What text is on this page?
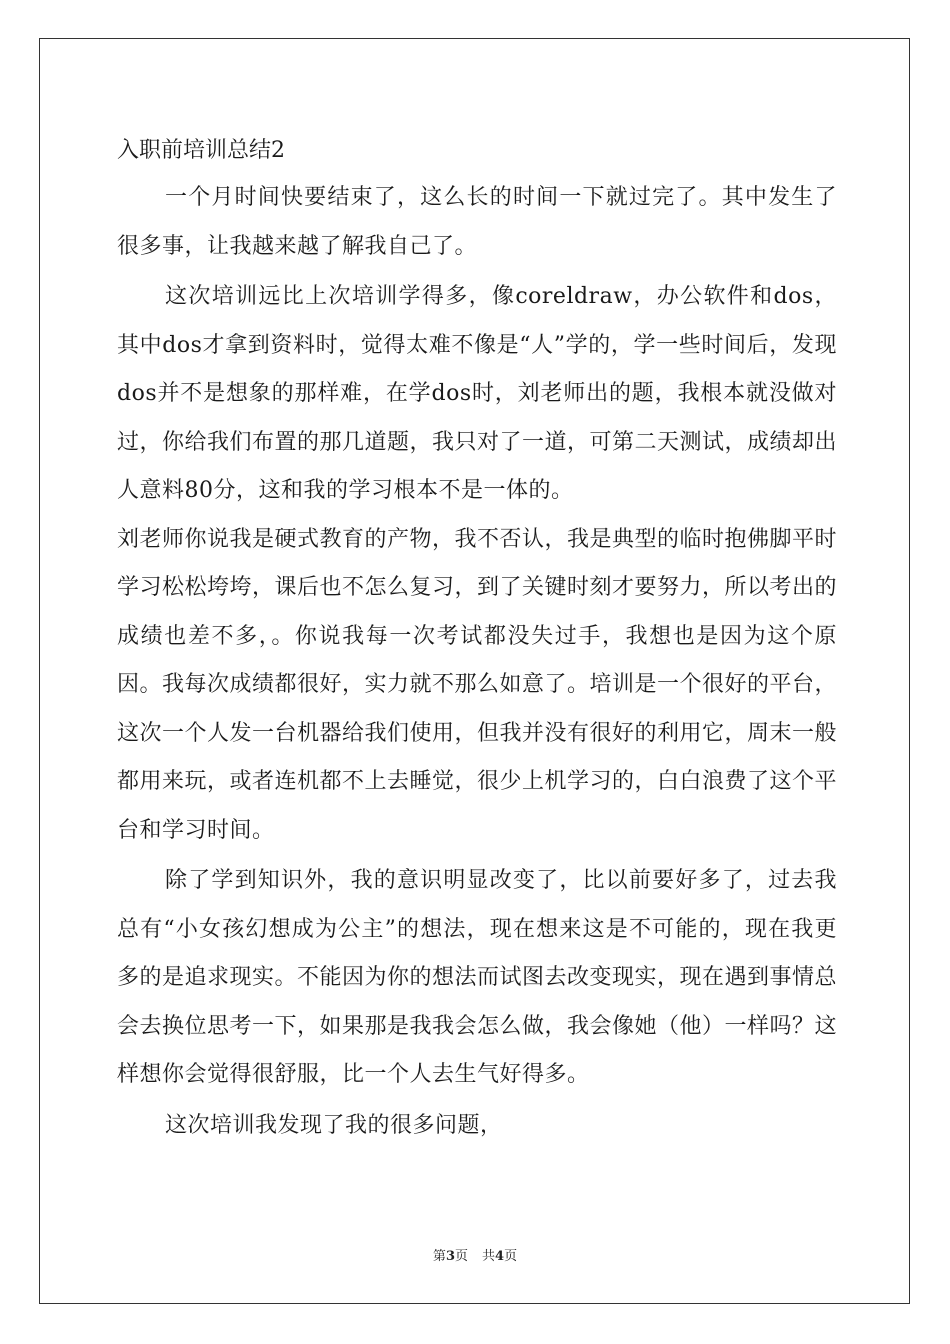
入职前培训总结2

一个月时间快要结束了，这么长的时间一下就过完了。其中发生了很多事，让我越来越了解我自己了。

这次培训远比上次培训学得多，像coreldraw，办公软件和dos，其中dos才拿到资料时，觉得太难不像是“人”学的，学一些时间后，发现dos并不是想象的那样难，在学dos时，刘老师出的题，我根本就没做对过，你给我们布置的那几道题，我只对了一道，可第二天测试，成绩却出人意料80分，这和我的学习根本不是一体的。

刘老师你说我是硬式教育的产物，我不否认，我是典型的临时抱佛脚平时学习松松垮垮，课后也不怎么复习，到了关键时刻才要努力，所以考出的成绩也差不多，。你说我每一次考试都没失过手，我想也是因为这个原因。我每次成绩都很好，实力就不那么如意了。培训是一个很好的平台，这次一个人发一台机器给我们使用，但我并没有很好的利用它，周末一般都用来玩，或者连机都不上去睡觉，很少上机学习的，白白浪费了这个平台和学习时间。

除了学到知识外，我的意识明显改变了，比以前要好多了，过去我总有“小女孩幻想成为公主”的想法，现在想来这是不可能的，现在我更多的是追求现实。不能因为你的想法而试图去改变现实，现在遇到事情总会去换位思考一下，如果那是我我会怎么做，我会像她（他）一样吗？这样想你会觉得很舒服，比一个人去生气好得多。

这次培训我发现了我的很多问题，

第3页 共4页
